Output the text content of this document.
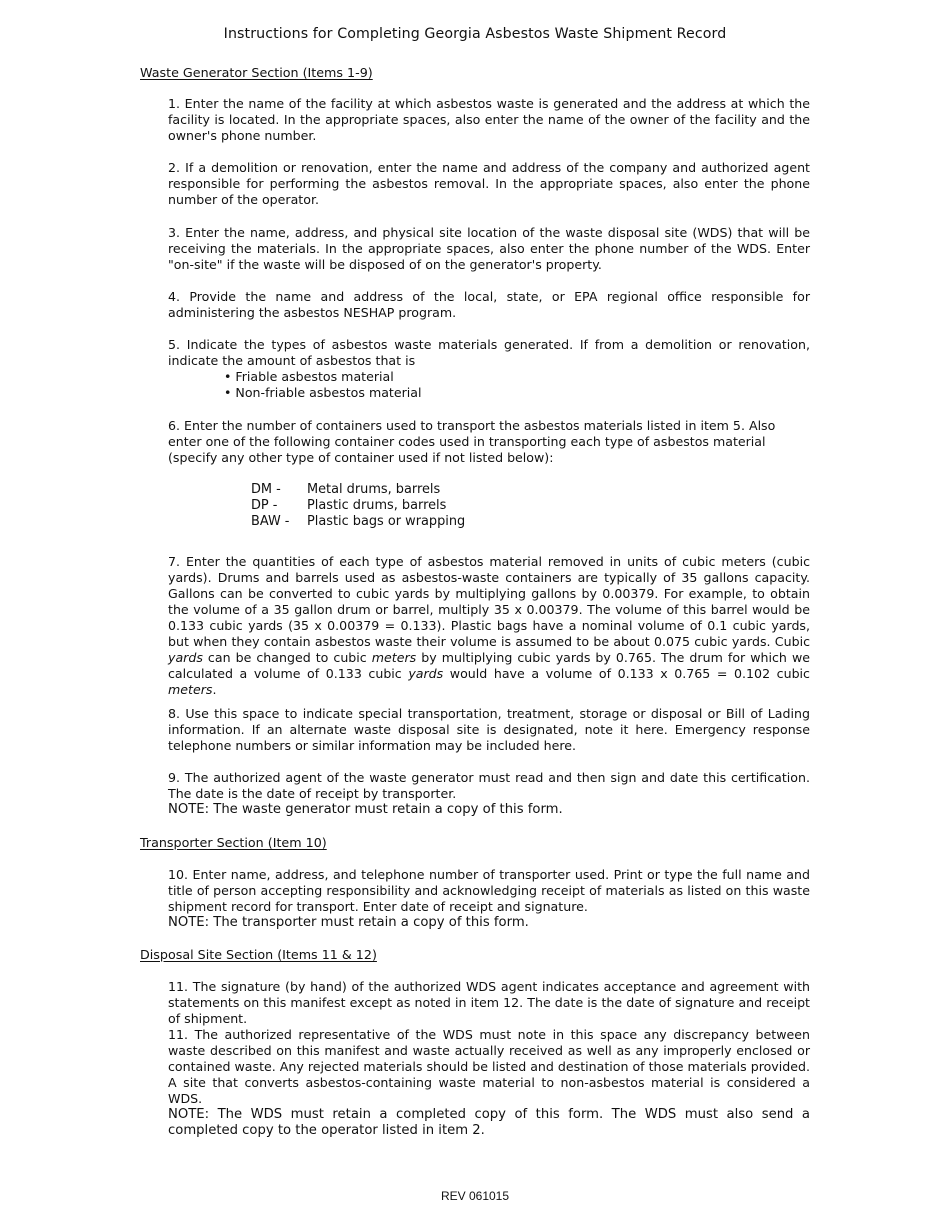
Instructions for Completing Georgia Asbestos Waste Shipment Record
Waste Generator Section (Items 1-9)
1. Enter the name of the facility at which asbestos waste is generated and the address at which the facility is located. In the appropriate spaces, also enter the name of the owner of the facility and the owner's phone number.
2. If a demolition or renovation, enter the name and address of the company and authorized agent responsible for performing the asbestos removal. In the appropriate spaces, also enter the phone number of the operator.
3. Enter the name, address, and physical site location of the waste disposal site (WDS) that will be receiving the materials. In the appropriate spaces, also enter the phone number of the WDS. Enter "on-site" if the waste will be disposed of on the generator's property.
4. Provide the name and address of the local, state, or EPA regional office responsible for administering the asbestos NESHAP program.
5. Indicate the types of asbestos waste materials generated. If from a demolition or renovation, indicate the amount of asbestos that is
• Friable asbestos material
• Non-friable asbestos material
6. Enter the number of containers used to transport the asbestos materials listed in item 5. Also enter one of the following container codes used in transporting each type of asbestos material (specify any other type of container used if not listed below):
DM -	Metal drums, barrels
DP -	Plastic drums, barrels
BAW -	Plastic bags or wrapping
7. Enter the quantities of each type of asbestos material removed in units of cubic meters (cubic yards). Drums and barrels used as asbestos-waste containers are typically of 35 gallons capacity. Gallons can be converted to cubic yards by multiplying gallons by 0.00379. For example, to obtain the volume of a 35 gallon drum or barrel, multiply 35 x 0.00379. The volume of this barrel would be 0.133 cubic yards (35 x 0.00379 = 0.133). Plastic bags have a nominal volume of 0.1 cubic yards, but when they contain asbestos waste their volume is assumed to be about 0.075 cubic yards. Cubic yards can be changed to cubic meters by multiplying cubic yards by 0.765. The drum for which we calculated a volume of 0.133 cubic yards would have a volume of 0.133 x 0.765 = 0.102 cubic meters.
8. Use this space to indicate special transportation, treatment, storage or disposal or Bill of Lading information. If an alternate waste disposal site is designated, note it here. Emergency response telephone numbers or similar information may be included here.
9. The authorized agent of the waste generator must read and then sign and date this certification. The date is the date of receipt by transporter.
NOTE: The waste generator must retain a copy of this form.
Transporter Section (Item 10)
10. Enter name, address, and telephone number of transporter used. Print or type the full name and title of person accepting responsibility and acknowledging receipt of materials as listed on this waste shipment record for transport. Enter date of receipt and signature.
NOTE: The transporter must retain a copy of this form.
Disposal Site Section (Items 11 & 12)
11. The signature (by hand) of the authorized WDS agent indicates acceptance and agreement with statements on this manifest except as noted in item 12. The date is the date of signature and receipt of shipment.
11. The authorized representative of the WDS must note in this space any discrepancy between waste described on this manifest and waste actually received as well as any improperly enclosed or contained waste. Any rejected materials should be listed and destination of those materials provided. A site that converts asbestos-containing waste material to non-asbestos material is considered a WDS.
NOTE: The WDS must retain a completed copy of this form. The WDS must also send a completed copy to the operator listed in item 2.
REV 061015
